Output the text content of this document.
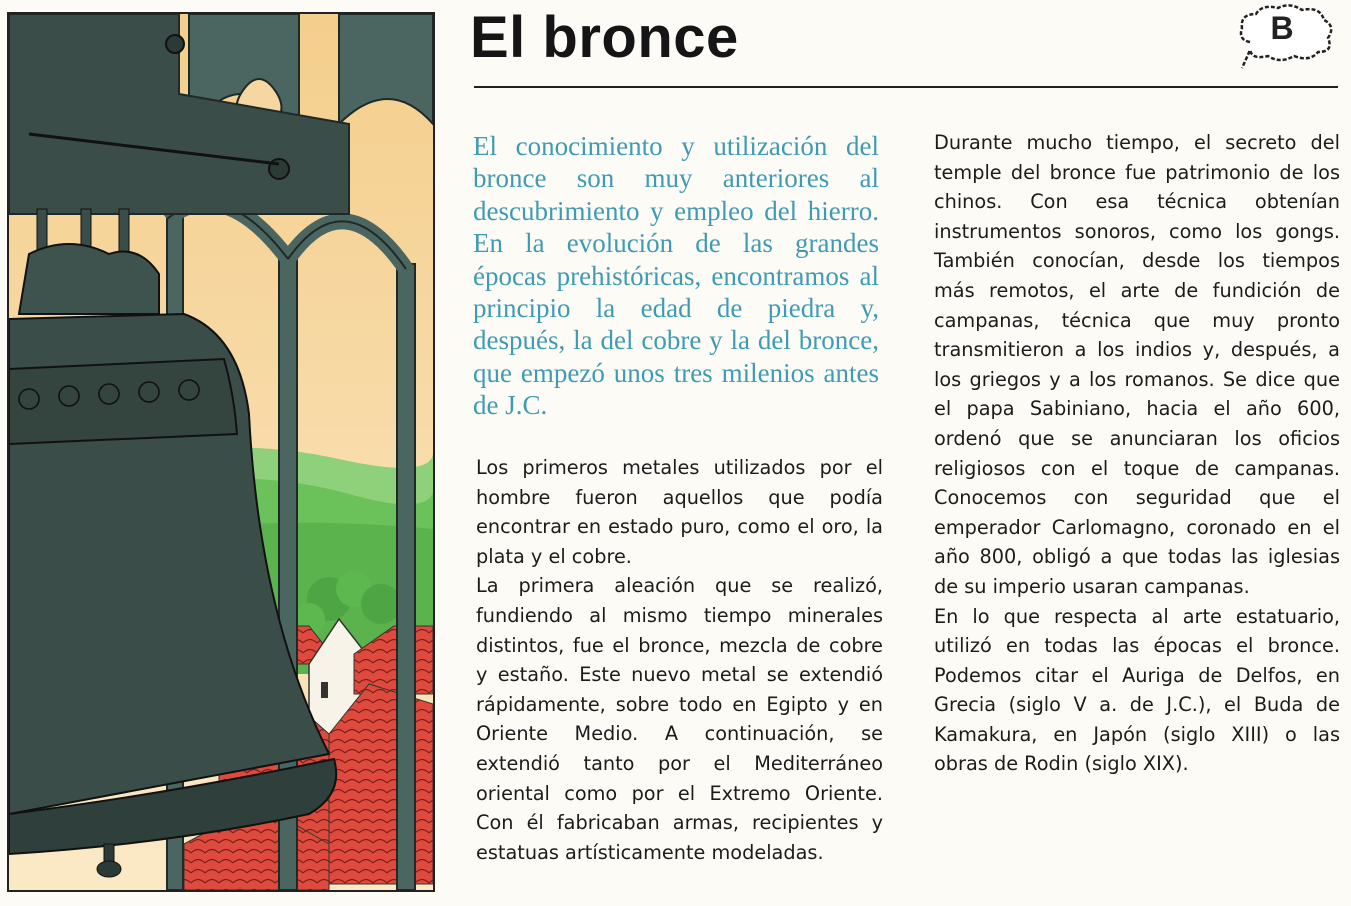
El bronce	B

El conocimiento y utilización del bronce son muy anteriores al descubrimiento y empleo del hierro. En la evolución de las grandes épocas prehistóricas, encontramos al principio la edad de piedra y, después, la del cobre y la del bronce, que empezó unos tres milenios antes de J.C.

Los primeros metales utilizados por el hombre fueron aquellos que podía encontrar en estado puro, como el oro, la plata y el cobre.

La primera aleación que se realizó, fundiendo al mismo tiempo minerales distintos, fue el bronce, mezcla de cobre y estaño. Este nuevo metal se extendió rápidamente, sobre todo en Egipto y en Oriente Medio. A continuación, se extendió tanto por el Mediterráneo oriental como por el Extremo Oriente. Con él fabricaban armas, recipientes y estatuas artísticamente modeladas.

Durante mucho tiempo, el secreto del temple del bronce fue patrimonio de los chinos. Con esa técnica obtenían instrumentos sonoros, como los gongs. También conocían, desde los tiempos más remotos, el arte de fundición de campanas, técnica que muy pronto transmitieron a los indios y, después, a los griegos y a los romanos. Se dice que el papa Sabiniano, hacia el año 600, ordenó que se anunciaran los oficios religiosos con el toque de campanas. Conocemos con seguridad que el emperador Carlomagno, coronado en el año 800, obligó a que todas las iglesias de su imperio usaran campanas.

En lo que respecta al arte estatuario, utilizó en todas las épocas el bronce. Podemos citar el Auriga de Delfos, en Grecia (siglo V a. de J.C.), el Buda de Kamakura, en Japón (siglo XIII) o las obras de Rodin (siglo XIX).
